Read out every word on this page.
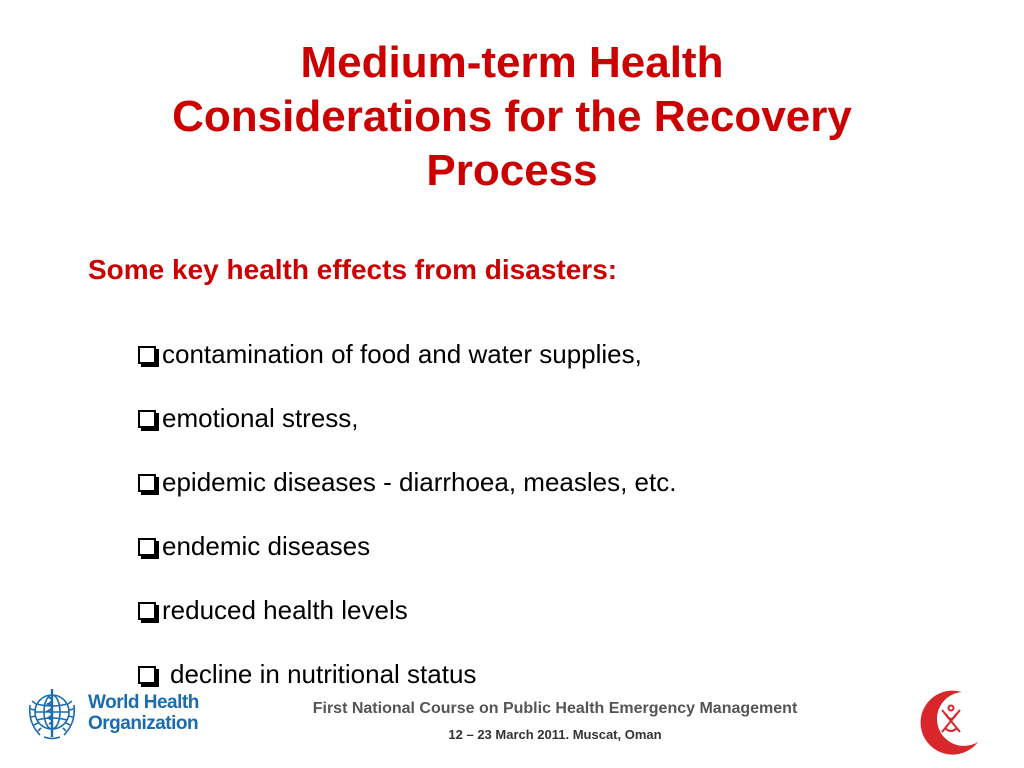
Medium-term Health
Considerations for the Recovery
Process
Some key health effects from disasters:
contamination of food and water supplies,
emotional stress,
epidemic diseases - diarrhoea, measles, etc.
endemic diseases
reduced health levels
decline in nutritional status
World Health
Organization
First National Course on Public Health Emergency Management
12 – 23 March 2011. Muscat, Oman
